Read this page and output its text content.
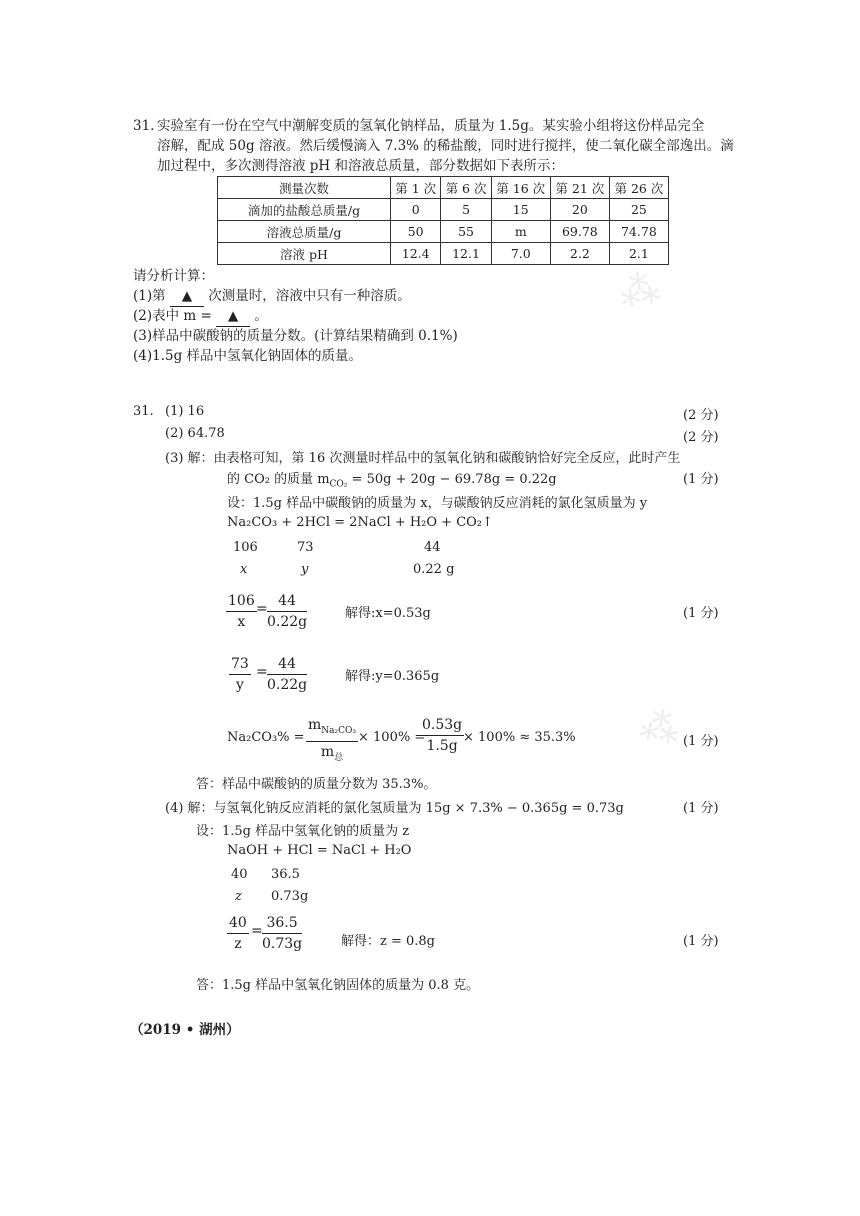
31. 实验室有一份在空气中潮解变质的氢氧化钠样品，质量为 1.5g。某实验小组将这份样品完全
溶解，配成 50g 溶液。然后缓慢滴入 7.3% 的稀盐酸，同时进行搅拌，使二氧化碳全部逸出。滴
加过程中，多次测得溶液 pH 和溶液总质量，部分数据如下表所示：
测量次数	第 1 次	第 6 次	第 16 次	第 21 次	第 26 次
滴加的盐酸总质量/g	0	5	15	20	25
溶液总质量/g	50	55	m	69.78	74.78
溶液 pH	12.4	12.1	7.0	2.2	2.1
请分析计算：
(1)第 ▲ 次测量时，溶液中只有一种溶质。
(2)表中 m = ▲ 。
(3)样品中碳酸钠的质量分数。(计算结果精确到 0.1%)
(4)1.5g 样品中氢氧化钠固体的质量。
⁂
⁂
31. (1) 16	(2 分)
(2) 64.78	(2 分)
(3) 解：由表格可知，第 16 次测量时样品中的氢氧化钠和碳酸钠恰好完全反应，此时产生
的 CO₂ 的质量 $m_{CO_2} = 50g + 20g - 69.78g = 0.22g$	(1 分)
设：1.5g 样品中碳酸钠的质量为 x，与碳酸钠反应消耗的氯化氢质量为 y
Na₂CO₃ + 2HCl = 2NaCl + H₂O + CO₂↑
106	73	44
x	y	0.22 g
$\frac{106}{x} = \frac{44}{0.22g}$	解得:x=0.53g	(1 分)
$\frac{73}{y} = \frac{44}{0.22g}$	解得:y=0.365g
Na₂CO₃% =
$m_{Na_2CO_3}$
$m_总$
× 100% =
$\frac{0.53g}{1.5g}$
× 100% ≈ 35.3%	(1 分)
答：样品中碳酸钠的质量分数为 35.3%。
(4) 解：与氢氧化钠反应消耗的氯化氢质量为 15g × 7.3% − 0.365g = 0.73g	(1 分)
设：1.5g 样品中氢氧化钠的质量为 z
NaOH + HCl = NaCl + H₂O
40 36.5
z 0.73g
$\frac{40}{z} = \frac{36.5}{0.73g}$	解得：z = 0.8g	(1 分)
答：1.5g 样品中氢氧化钠固体的质量为 0.8 克。
（2019 • 湖州）
